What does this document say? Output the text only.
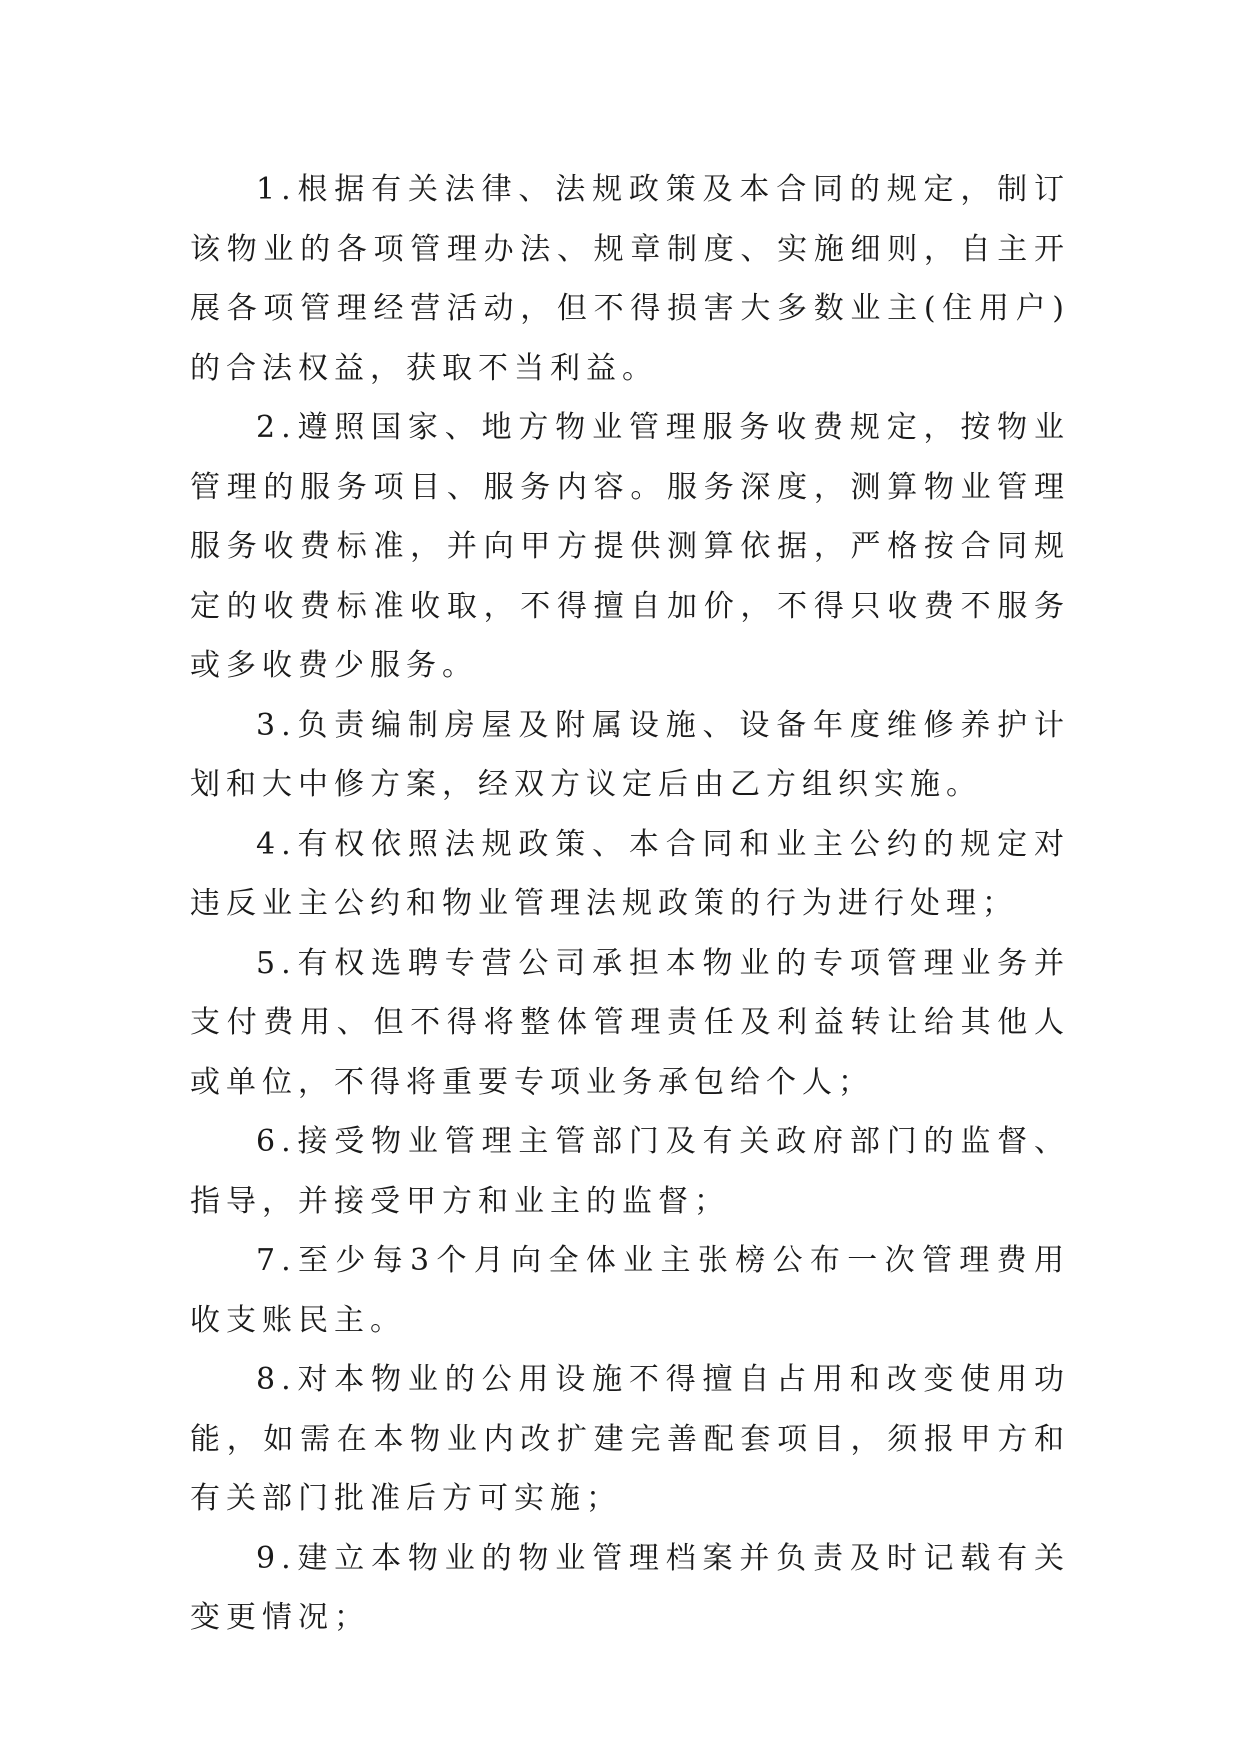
1.根据有关法律、法规政策及本合同的规定，制订该物业的各项管理办法、规章制度、实施细则，自主开展各项管理经营活动，但不得损害大多数业主(住用户)的合法权益，获取不当利益。

2.遵照国家、地方物业管理服务收费规定，按物业管理的服务项目、服务内容。服务深度，测算物业管理服务收费标准，并向甲方提供测算依据，严格按合同规定的收费标准收取，不得擅自加价，不得只收费不服务或多收费少服务。

3.负责编制房屋及附属设施、设备年度维修养护计划和大中修方案，经双方议定后由乙方组织实施。

4.有权依照法规政策、本合同和业主公约的规定对违反业主公约和物业管理法规政策的行为进行处理；

5.有权选聘专营公司承担本物业的专项管理业务并支付费用、但不得将整体管理责任及利益转让给其他人或单位，不得将重要专项业务承包给个人；

6.接受物业管理主管部门及有关政府部门的监督、指导，并接受甲方和业主的监督；

7.至少每3个月向全体业主张榜公布一次管理费用收支账民主。

8.对本物业的公用设施不得擅自占用和改变使用功能，如需在本物业内改扩建完善配套项目，须报甲方和有关部门批准后方可实施；

9.建立本物业的物业管理档案并负责及时记载有关变更情况；
